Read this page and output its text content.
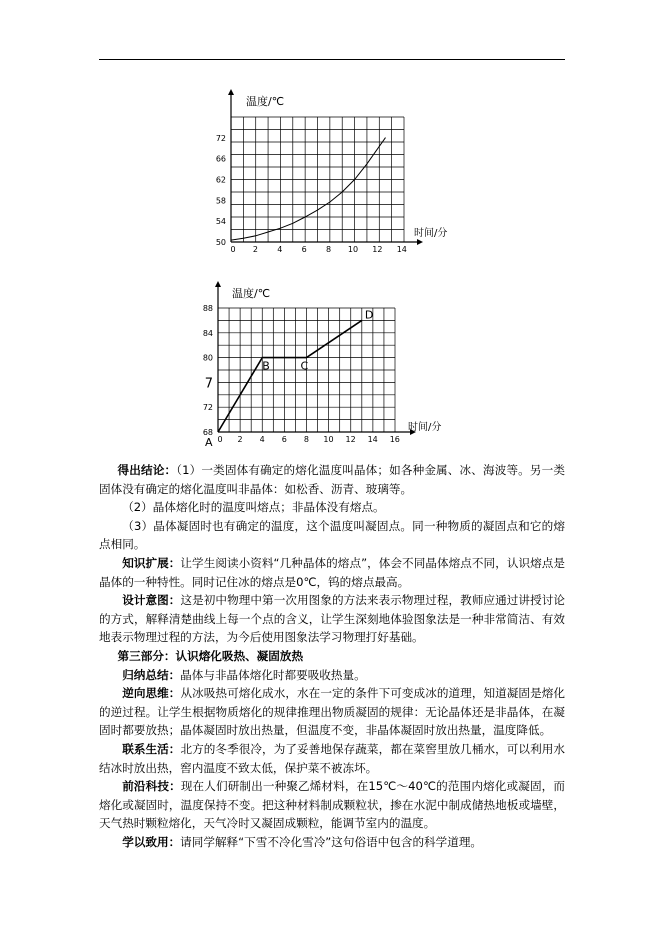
0 2 4 6 8 10 12 14
50
54
58
62
66
72
温度/℃
时间/分
0 2 4 6 8 10 12 14 16
68
72
7
80
84
88
温度/℃
时间/分
A
B	C
D

得出结论：（1）一类固体有确定的熔化温度叫晶体；如各种金属、冰、海波等。另一类固体没有确定的熔化温度叫非晶体：如松香、沥青、玻璃等。

（2）晶体熔化时的温度叫熔点；非晶体没有熔点。

（3）晶体凝固时也有确定的温度，这个温度叫凝固点。同一种物质的凝固点和它的熔点相同。

知识扩展：让学生阅读小资料“几种晶体的熔点”，体会不同晶体熔点不同，认识熔点是晶体的一种特性。同时记住冰的熔点是0℃，钨的熔点最高。

设计意图：这是初中物理中第一次用图象的方法来表示物理过程，教师应通过讲授讨论的方式，解释清楚曲线上每一个点的含义，让学生深刻地体验图象法是一种非常简洁、有效地表示物理过程的方法，为今后使用图象法学习物理打好基础。

第三部分：认识熔化吸热、凝固放热

归纳总结：晶体与非晶体熔化时都要吸收热量。

逆向思维：从冰吸热可熔化成水，水在一定的条件下可变成冰的道理，知道凝固是熔化的逆过程。让学生根据物质熔化的规律推理出物质凝固的规律：无论晶体还是非晶体，在凝固时都要放热；晶体凝固时放出热量，但温度不变，非晶体凝固时放出热量，温度降低。

联系生活：北方的冬季很冷，为了妥善地保存蔬菜，都在菜窖里放几桶水，可以利用水结冰时放出热，窖内温度不致太低，保护菜不被冻坏。

前沿科技：现在人们研制出一种聚乙烯材料，在15℃～40℃的范围内熔化或凝固，而熔化或凝固时，温度保持不变。把这种材料制成颗粒状，掺在水泥中制成储热地板或墙壁，天气热时颗粒熔化，天气冷时又凝固成颗粒，能调节室内的温度。

学以致用：请同学解释“下雪不冷化雪冷”这句俗语中包含的科学道理。
